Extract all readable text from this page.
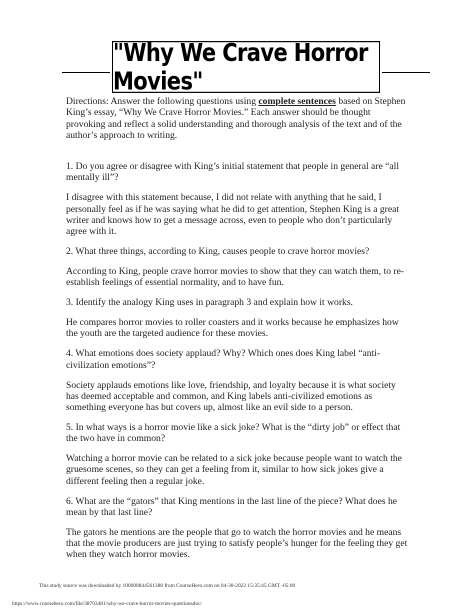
"Why We Crave Horror Movies"

Directions: Answer the following questions using complete sentences based on Stephen King’s essay, “Why We Crave Horror Movies.” Each answer should be thought provoking and reflect a solid understanding and thorough analysis of the text and of the author’s approach to writing.

1. Do you agree or disagree with King’s initial statement that people in general are “all mentally ill”?

I disagree with this statement because, I did not relate with anything that he said, I personally feel as if he was saying what he did to get attention, Stephen King is a great writer and knows how to get a message across, even to people who don’t particularly agree with it.

2. What three things, according to King, causes people to crave horror movies?

According to King, people crave horror movies to show that they can watch them, to re-establish feelings of essential normality, and to have fun.

3. Identify the analogy King uses in paragraph 3 and explain how it works.

He compares horror movies to roller coasters and it works because he emphasizes how the youth are the targeted audience for these movies.

4. What emotions does society applaud? Why? Which ones does King label “anti-civilization emotions”?

Society applauds emotions like love, friendship, and loyalty because it is what society has deemed acceptable and common, and King labels anti-civilized emotions as something everyone has but covers up, almost like an evil side to a person.

5. In what ways is a horror movie like a sick joke? What is the “dirty job” or effect that the two have in common?

Watching a horror movie can be related to a sick joke because people want to watch the gruesome scenes, so they can get a feeling from it, similar to how sick jokes give a different feeling then a regular joke.

6. What are the “gators” that King mentions in the last line of the piece? What does he mean by that last line?

The gators he mentions are the people that go to watch the horror movies and he means that the movie producers are just trying to satisfy people’s hunger for the feeling they get when they watch horror movies.

This study source was downloaded by 100000844561388 from CourseHero.com on 04-30-2022 15:35:45 GMT -05:00
https://www.coursehero.com/file/38703481/why-we-crave-horror-movies-questionsdoc/
